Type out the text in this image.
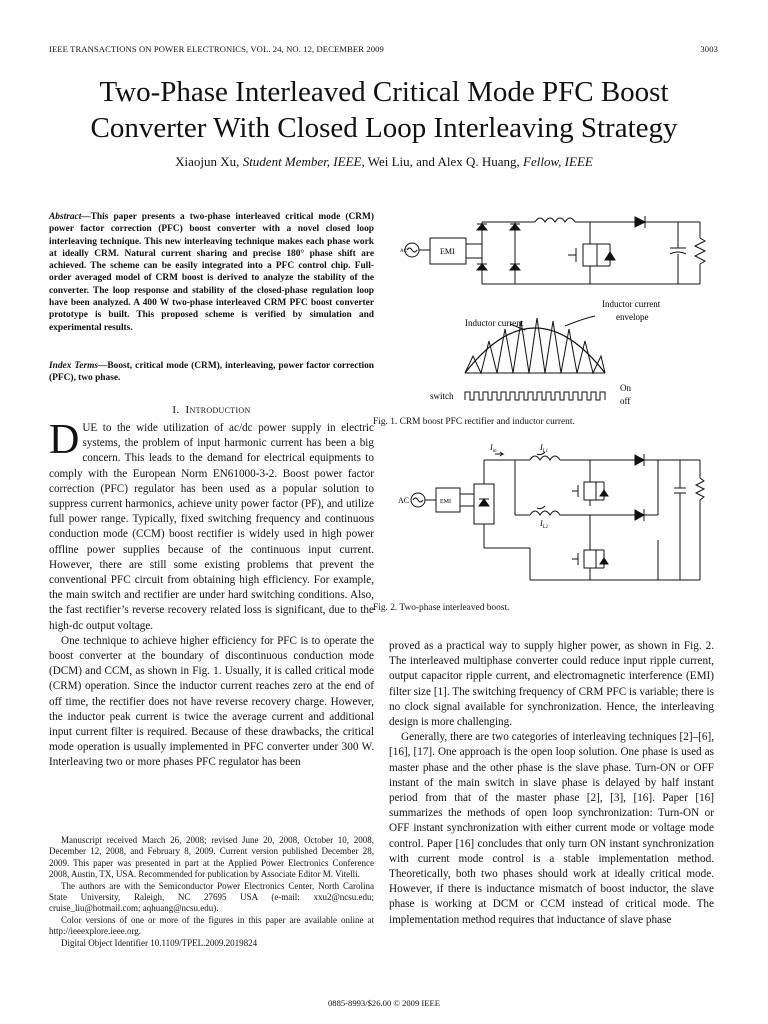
IEEE TRANSACTIONS ON POWER ELECTRONICS, VOL. 24, NO. 12, DECEMBER 2009	3003
Two-Phase Interleaved Critical Mode PFC Boost
Converter With Closed Loop Interleaving Strategy
Xiaojun Xu, Student Member, IEEE, Wei Liu, and Alex Q. Huang, Fellow, IEEE
Abstract—This paper presents a two-phase interleaved critical mode (CRM) power factor correction (PFC) boost converter with a novel closed loop interleaving technique. This new interleaving technique makes each phase work at ideally CRM. Natural current sharing and precise 180° phase shift are achieved. The scheme can be easily integrated into a PFC control chip. Full-order averaged model of CRM boost is derived to analyze the stability of the converter. The loop response and stability of the closed-phase regulation loop have been analyzed. A 400 W two-phase interleaved CRM PFC boost converter prototype is built. This proposed scheme is verified by simulation and experimental results.
Index Terms—Boost, critical mode (CRM), interleaving, power factor correction (PFC), two phase.
I. Introduction

DUE to the wide utilization of ac/dc power supply in electric systems, the problem of input harmonic current has been a big concern. This leads to the demand for electrical equipments to comply with the European Norm EN61000-3-2. Boost power factor correction (PFC) regulator has been used as a popular solution to suppress current harmonics, achieve unity power factor (PF), and utilize full power range. Typically, fixed switching frequency and continuous conduction mode (CCM) boost rectifier is widely used in high power offline power supplies because of the continuous input current. However, there are still some existing problems that prevent the conventional PFC circuit from obtaining high efficiency. For example, the main switch and rectifier are under hard switching conditions. Also, the fast rectifier’s reverse recovery related loss is significant, due to the high-dc output voltage.

One technique to achieve higher efficiency for PFC is to operate the boost converter at the boundary of discontinuous conduction mode (DCM) and CCM, as shown in Fig. 1. Usually, it is called critical mode (CRM) operation. Since the inductor current reaches zero at the end of off time, the rectifier does not have reverse recovery charge. However, the inductor peak current is twice the average current and additional input current filter is required. Because of these drawbacks, the critical mode operation is usually implemented in PFC converter under 300 W. Interleaving two or more phases PFC regulator has been

Manuscript received March 26, 2008; revised June 20, 2008, October 10, 2008, December 12, 2008, and February 8, 2009. Current version published December 28, 2009. This paper was presented in part at the Applied Power Electronics Conference 2008, Austin, TX, USA. Recommended for publication by Associate Editor M. Vitelli.

The authors are with the Semiconductor Power Electronics Center, North Carolina State University, Raleigh, NC 27695 USA (e-mail: xxu2@ncsu.edu; cruise_liu@hotmail.com; aqhuang@ncsu.edu).

Color versions of one or more of the figures in this paper are available online at http://ieeexplore.ieee.org.

Digital Object Identifier 10.1109/TPEL.2009.2019824

AC	EMI
Inductor current
Inductor current
envelope
switch
On
off
Fig. 1. CRM boost PFC rectifier and inductor current.
AC	EMI
$I_{in}$	$I_{L1}$
$I_{L2}$
Fig. 2. Two-phase interleaved boost.

proved as a practical way to supply higher power, as shown in Fig. 2. The interleaved multiphase converter could reduce input ripple current, output capacitor ripple current, and electromagnetic interference (EMI) filter size [1]. The switching frequency of CRM PFC is variable; there is no clock signal available for synchronization. Hence, the interleaving design is more challenging.

Generally, there are two categories of interleaving techniques [2]–[6], [16], [17]. One approach is the open loop solution. One phase is used as master phase and the other phase is the slave phase. Turn-ON or OFF instant of the main switch in slave phase is delayed by half instant period from that of the master phase [2], [3], [16]. Paper [16] summarizes the methods of open loop synchronization: Turn-ON or OFF instant synchronization with either current mode or voltage mode control. Paper [16] concludes that only turn ON instant synchronization with current mode control is a stable implementation method. Theoretically, both two phases should work at ideally critical mode. However, if there is inductance mismatch of boost inductor, the slave phase is working at DCM or CCM instead of critical mode. The implementation method requires that inductance of slave phase

0885-8993/$26.00 © 2009 IEEE
